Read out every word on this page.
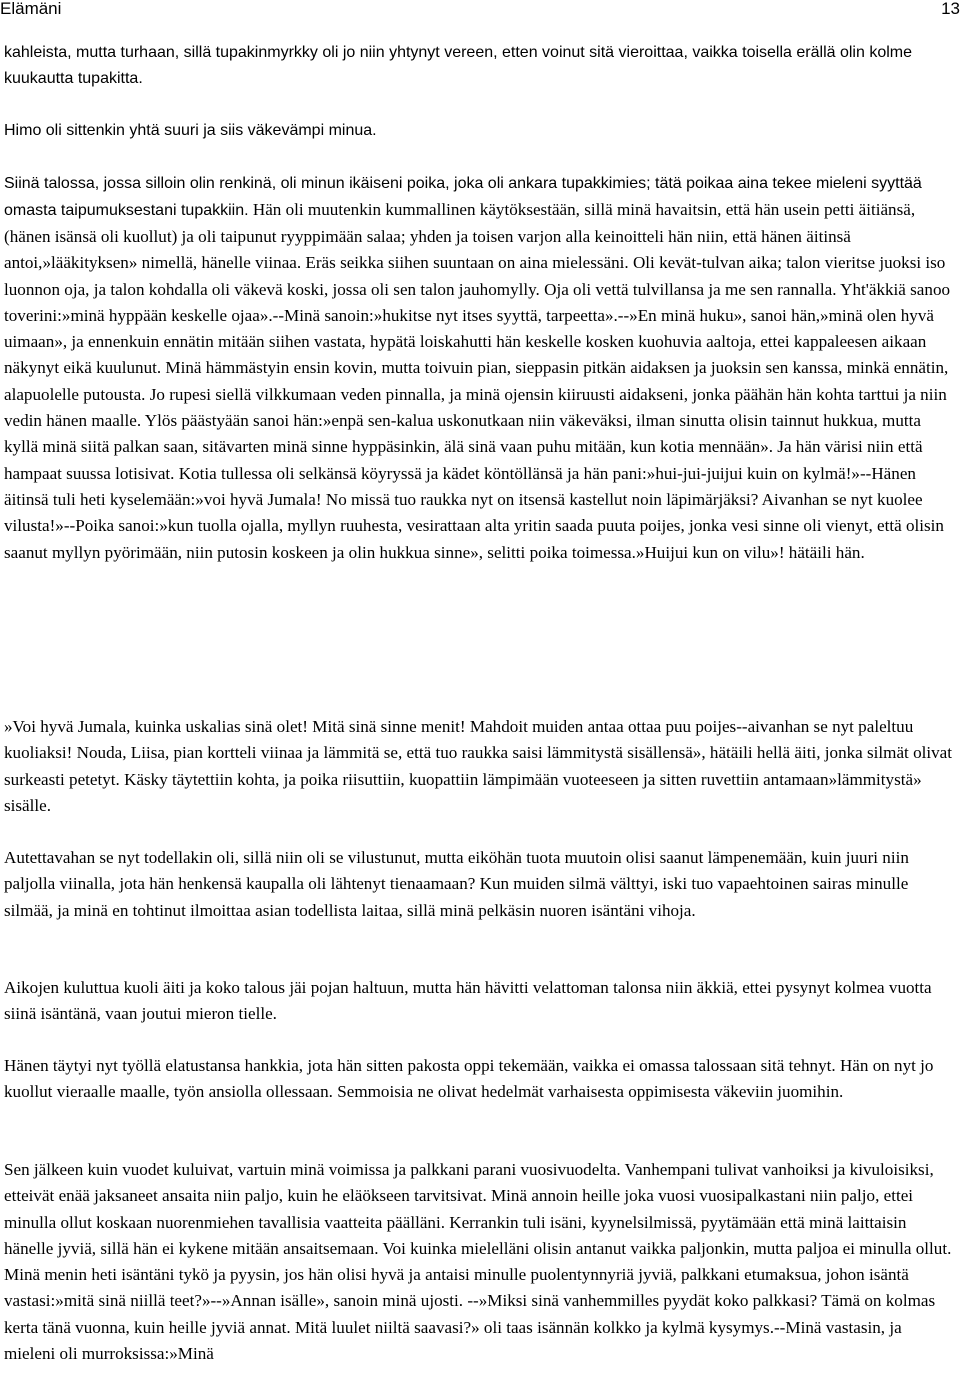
Elämäni	13

kahleista, mutta turhaan, sillä tupakinmyrkky oli jo niin yhtynyt vereen, etten voinut sitä vieroittaa, vaikka toisella erällä olin kolme kuukautta tupakitta.

Himo oli sittenkin yhtä suuri ja siis väkevämpi minua.

Siinä talossa, jossa silloin olin renkinä, oli minun ikäiseni poika, joka oli ankara tupakkimies; tätä poikaa aina tekee mieleni syyttää omasta taipumuksestani tupakkiin. Hän oli muutenkin kummallinen käytöksestään, sillä minä havaitsin, että hän usein petti äitiänsä, (hänen isänsä oli kuollut) ja oli taipunut ryyppimään salaa; yhden ja toisen varjon alla keinoitteli hän niin, että hänen äitinsä antoi,»lääkityksen» nimellä, hänelle viinaa. Eräs seikka siihen suuntaan on aina mielessäni. Oli kevät-tulvan aika; talon vieritse juoksi iso luonnon oja, ja talon kohdalla oli väkevä koski, jossa oli sen talon jauhomylly. Oja oli vettä tulvillansa ja me sen rannalla. Yht'äkkiä sanoo toverini:»minä hyppään keskelle ojaa».--Minä sanoin:»hukitse nyt itses syyttä, tarpeetta».--»En minä huku», sanoi hän,»minä olen hyvä uimaan», ja ennenkuin ennätin mitään siihen vastata, hypätä loiskahutti hän keskelle kosken kuohuvia aaltoja, ettei kappaleesen aikaan näkynyt eikä kuulunut. Minä hämmästyin ensin kovin, mutta toivuin pian, sieppasin pitkän aidaksen ja juoksin sen kanssa, minkä ennätin, alapuolelle putousta. Jo rupesi siellä vilkkumaan veden pinnalla, ja minä ojensin kiiruusti aidakseni, jonka päähän hän kohta tarttui ja niin vedin hänen maalle. Ylös päästyään sanoi hän:»enpä sen-kalua uskonutkaan niin väkeväksi, ilman sinutta olisin tainnut hukkua, mutta kyllä minä siitä palkan saan, sitävarten minä sinne hyppäsinkin, älä sinä vaan puhu mitään, kun kotia mennään». Ja hän värisi niin että hampaat suussa lotisivat. Kotia tullessa oli selkänsä köyryssä ja kädet köntöllänsä ja hän pani:»hui-jui-juijui kuin on kylmä!»--Hänen äitinsä tuli heti kyselemään:»voi hyvä Jumala! No missä tuo raukka nyt on itsensä kastellut noin läpimärjäksi? Aivanhan se nyt kuolee vilusta!»--Poika sanoi:»kun tuolla ojalla, myllyn ruuhesta, vesirattaan alta yritin saada puuta poijes, jonka vesi sinne oli vienyt, että olisin saanut myllyn pyörimään, niin putosin koskeen ja olin hukkua sinne», selitti poika toimessa.»Huijui kun on vilu»! hätäili hän.

»Voi hyvä Jumala, kuinka uskalias sinä olet! Mitä sinä sinne menit! Mahdoit muiden antaa ottaa puu poijes--aivanhan se nyt paleltuu kuoliaksi! Nouda, Liisa, pian kortteli viinaa ja lämmitä se, että tuo raukka saisi lämmitystä sisällensä», hätäili hellä äiti, jonka silmät olivat surkeasti petetyt. Käsky täytettiin kohta, ja poika riisuttiin, kuopattiin lämpimään vuoteeseen ja sitten ruvettiin antamaan»lämmitystä» sisälle.

Autettavahan se nyt todellakin oli, sillä niin oli se vilustunut, mutta eiköhän tuota muutoin olisi saanut lämpenemään, kuin juuri niin paljolla viinalla, jota hän henkensä kaupalla oli lähtenyt tienaamaan? Kun muiden silmä välttyi, iski tuo vapaehtoinen sairas minulle silmää, ja minä en tohtinut ilmoittaa asian todellista laitaa, sillä minä pelkäsin nuoren isäntäni vihoja.

Aikojen kuluttua kuoli äiti ja koko talous jäi pojan haltuun, mutta hän hävitti velattoman talonsa niin äkkiä, ettei pysynyt kolmea vuotta siinä isäntänä, vaan joutui mieron tielle.

Hänen täytyi nyt työllä elatustansa hankkia, jota hän sitten pakosta oppi tekemään, vaikka ei omassa talossaan sitä tehnyt. Hän on nyt jo kuollut vieraalle maalle, työn ansiolla ollessaan. Semmoisia ne olivat hedelmät varhaisesta oppimisesta väkeviin juomihin.

Sen jälkeen kuin vuodet kuluivat, vartuin minä voimissa ja palkkani parani vuosivuodelta. Vanhempani tulivat vanhoiksi ja kivuloisiksi, etteivät enää jaksaneet ansaita niin paljo, kuin he eläökseen tarvitsivat. Minä annoin heille joka vuosi vuosipalkastani niin paljo, ettei minulla ollut koskaan nuorenmiehen tavallisia vaatteita päälläni. Kerrankin tuli isäni, kyynelsilmissä, pyytämään että minä laittaisin hänelle jyviä, sillä hän ei kykene mitään ansaitsemaan. Voi kuinka mielelläni olisin antanut vaikka paljonkin, mutta paljoa ei minulla ollut. Minä menin heti isäntäni tykö ja pyysin, jos hän olisi hyvä ja antaisi minulle puolentynnyriä jyviä, palkkani etumaksua, johon isäntä vastasi:»mitä sinä niillä teet?»--»Annan isälle», sanoin minä ujosti. --»Miksi sinä vanhemmilles pyydät koko palkkasi? Tämä on kolmas kerta tänä vuonna, kuin heille jyviä annat. Mitä luulet niiltä saavasi?» oli taas isännän kolkko ja kylmä kysymys.--Minä vastasin, ja mieleni oli murroksissa:»Minä
